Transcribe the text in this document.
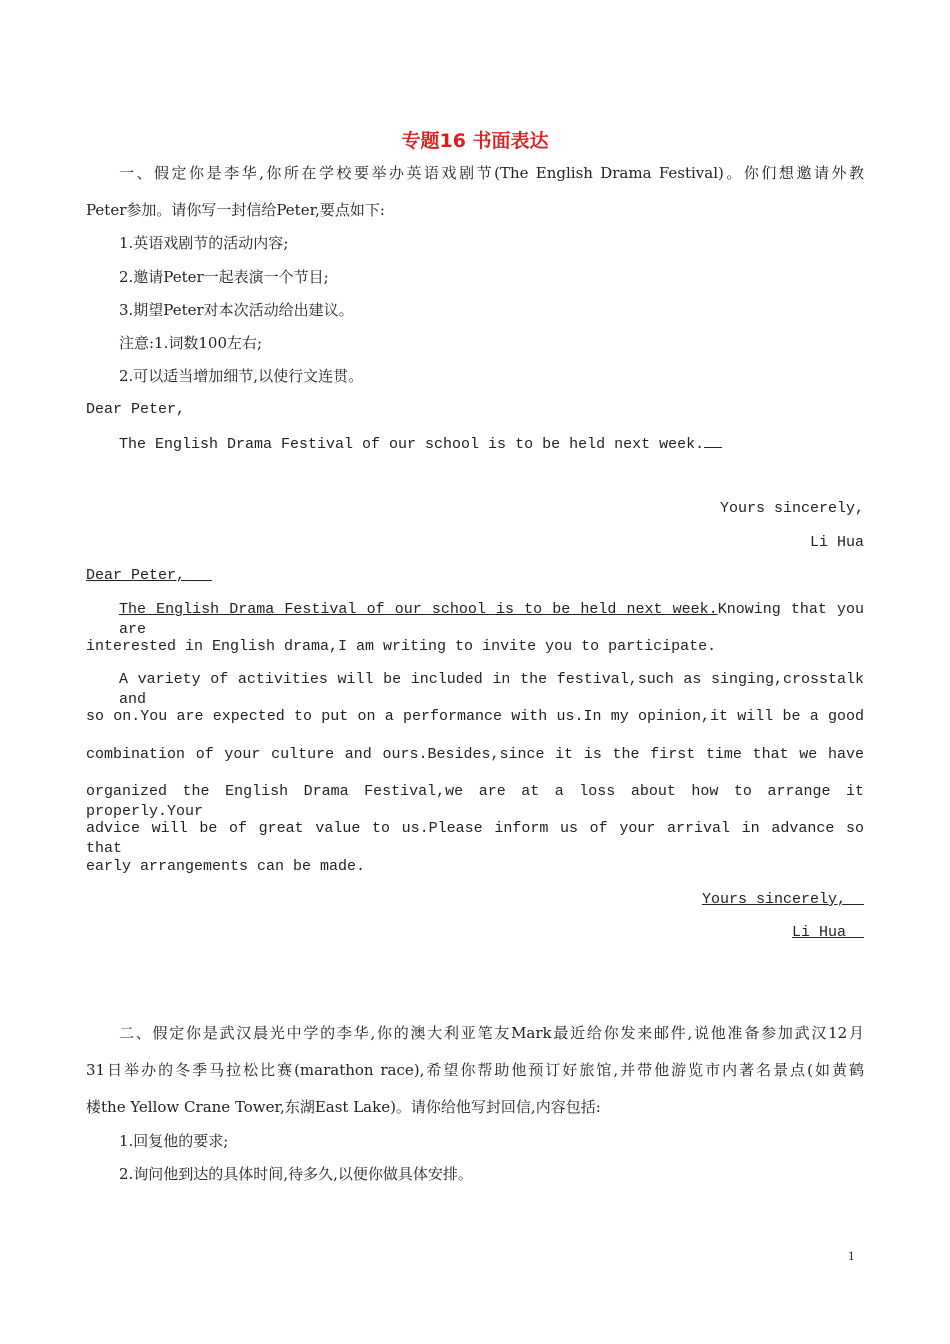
专题16 书面表达
一、假定你是李华,你所在学校要举办英语戏剧节(The English Drama Festival)。你们想邀请外教
Peter参加。请你写一封信给Peter,要点如下:
1.英语戏剧节的活动内容;
2.邀请Peter一起表演一个节目;
3.期望Peter对本次活动给出建议。
注意:1.词数100左右;
2.可以适当增加细节,以使行文连贯。
Dear Peter,
The English Drama Festival of our school is to be held next week.
Yours sincerely,
Li Hua
Dear Peter,
The English Drama Festival of our school is to be held next week.Knowing that you are
interested in English drama,I am writing to invite you to participate.
A variety of activities will be included in the festival,such as singing,crosstalk and
so on.You are expected to put on a performance with us.In my opinion,it will be a good
combination of your culture and ours.Besides,since it is the first time that we have
organized the English Drama Festival,we are at a loss about how to arrange it properly.Your
advice will be of great value to us.Please inform us of your arrival in advance so that
early arrangements can be made.
Yours sincerely,
Li Hua
二、假定你是武汉晨光中学的李华,你的澳大利亚笔友Mark最近给你发来邮件,说他准备参加武汉12月
31日举办的冬季马拉松比赛(marathon race),希望你帮助他预订好旅馆,并带他游览市内著名景点(如黄鹤
楼the Yellow Crane Tower,东湖East Lake)。请你给他写封回信,内容包括:
1.回复他的要求;
2.询问他到达的具体时间,待多久,以便你做具体安排。
1
